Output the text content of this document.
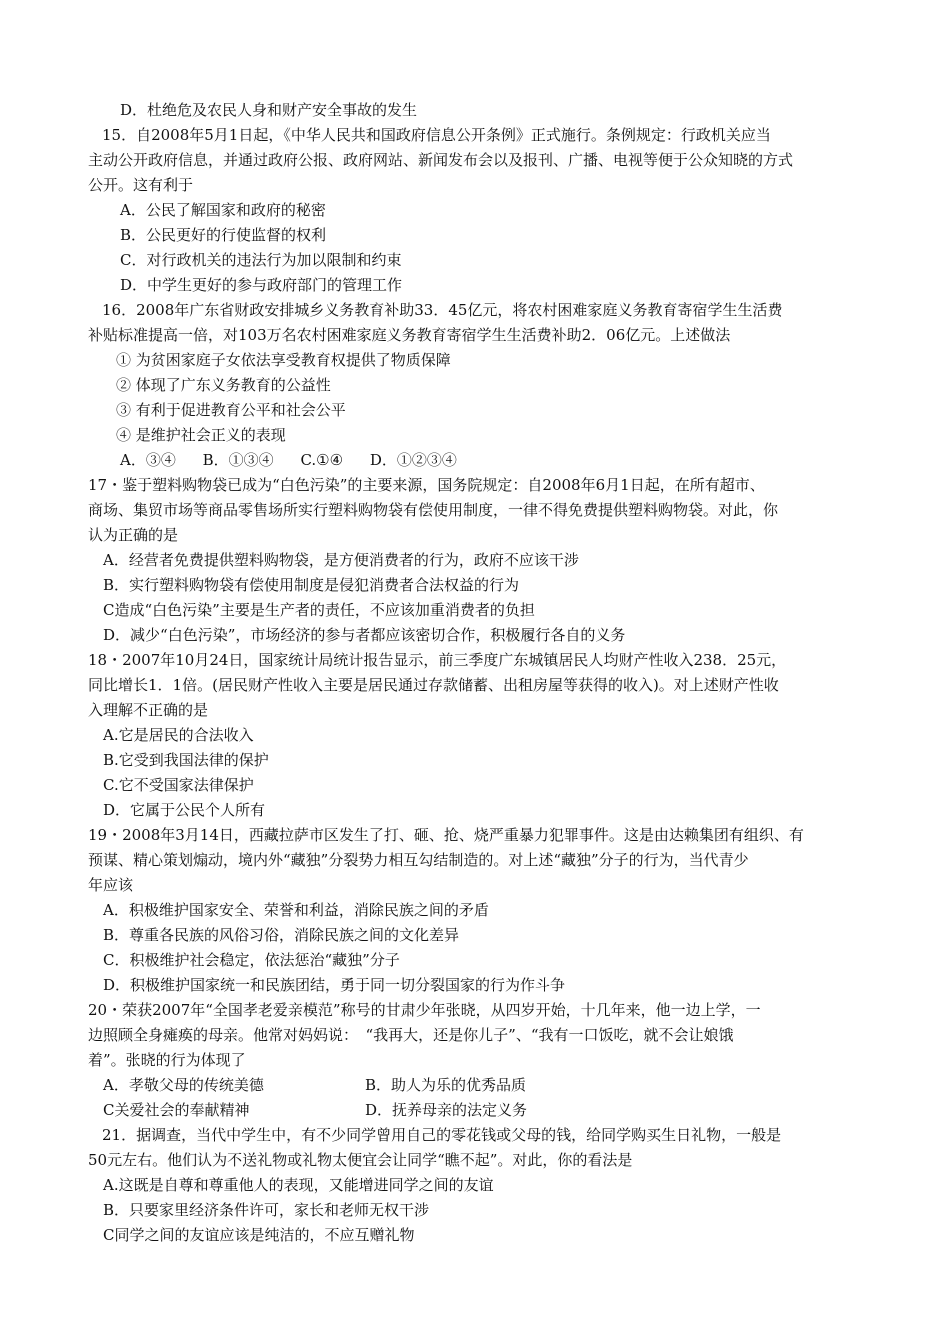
D．杜绝危及农民人身和财产安全事故的发生
15．自2008年5月1日起，《中华人民共和国政府信息公开条例》正式施行。条例规定：行政机关应当
主动公开政府信息，并通过政府公报、政府网站、新闻发布会以及报刊、广播、电视等便于公众知晓的方式
公开。这有利于
A．公民了解国家和政府的秘密
B．公民更好的行使监督的权利
C．对行政机关的违法行为加以限制和约束
D．中学生更好的参与政府部门的管理工作
16．2008年广东省财政安排城乡义务教育补助33．45亿元，将农村困难家庭义务教育寄宿学生生活费
补贴标准提高一倍，对103万名农村困难家庭义务教育寄宿学生生活费补助2．06亿元。上述做法
① 为贫困家庭子女依法享受教育权提供了物质保障
② 体现了广东义务教育的公益性
③ 有利于促进教育公平和社会公平
④ 是维护社会正义的表现
A．③④ B．①③④ C.①④ D．①②③④
17・鉴于塑料购物袋已成为“白色污染”的主要来源，国务院规定：自2008年6月1日起，在所有超市、
商场、集贸市场等商品零售场所实行塑料购物袋有偿使用制度，一律不得免费提供塑料购物袋。对此，你
认为正确的是
A．经营者免费提供塑料购物袋，是方便消费者的行为，政府不应该干涉
B．实行塑料购物袋有偿使用制度是侵犯消费者合法权益的行为
C造成“白色污染”主要是生产者的责任，不应该加重消费者的负担
D．减少“白色污染”，市场经济的参与者都应该密切合作，积极履行各自的义务
18・2007年10月24日，国家统计局统计报告显示，前三季度广东城镇居民人均财产性收入238．25元，
同比增长1．1倍。(居民财产性收入主要是居民通过存款储蓄、出租房屋等获得的收入)。对上述财产性收
入理解不正确的是
A.它是居民的合法收入
B.它受到我国法律的保护
C.它不受国家法律保护
D．它属于公民个人所有
19・2008年3月14日，西藏拉萨市区发生了打、砸、抢、烧严重暴力犯罪事件。这是由达赖集团有组织、有
预谋、精心策划煽动，境内外“藏独”分裂势力相互勾结制造的。对上述“藏独”分子的行为，当代青少
年应该
A．积极维护国家安全、荣誉和利益，消除民族之间的矛盾
B．尊重各民族的风俗习俗，消除民族之间的文化差异
C．积极维护社会稳定，依法惩治“藏独”分子
D．积极维护国家统一和民族团结，勇于同一切分裂国家的行为作斗争
20・荣获2007年“全国孝老爱亲模范”称号的甘肃少年张晓，从四岁开始，十几年来，他一边上学，一
边照顾全身瘫痪的母亲。他常对妈妈说：　“我再大，还是你儿子”、“我有一口饭吃，就不会让娘饿
着”。张晓的行为体现了
A．孝敬父母的传统美德	B．助人为乐的优秀品质
C关爱社会的奉献精神	D．抚养母亲的法定义务
21．据调查，当代中学生中，有不少同学曾用自己的零花钱或父母的钱，给同学购买生日礼物，一般是
50元左右。他们认为不送礼物或礼物太便宜会让同学“瞧不起”。对此，你的看法是
A.这既是自尊和尊重他人的表现，又能增进同学之间的友谊
B．只要家里经济条件许可，家长和老师无权干涉
C同学之间的友谊应该是纯洁的，不应互赠礼物
